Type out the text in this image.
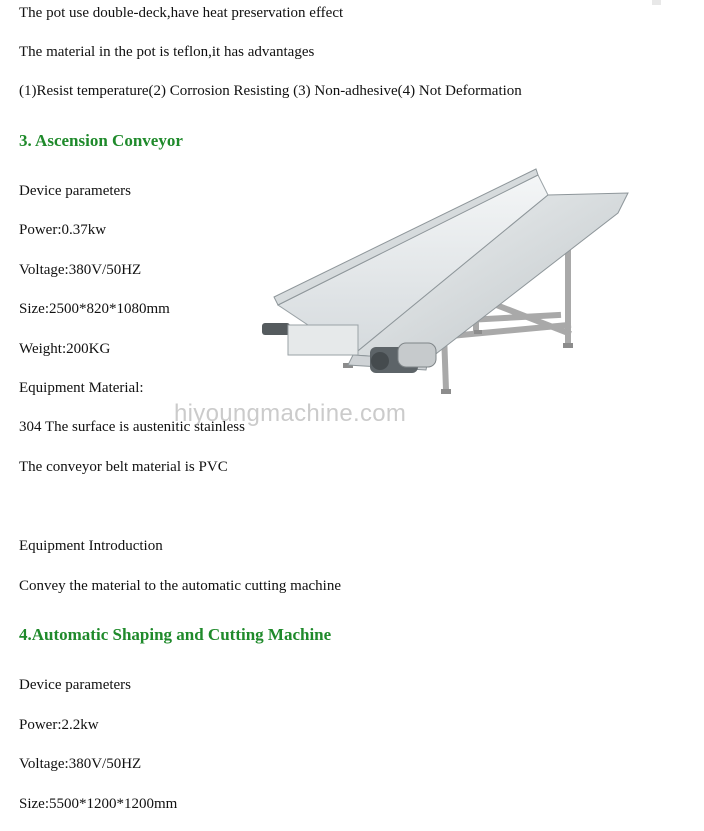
The pot use double-deck,have heat preservation effect
The material in the pot is teflon,it has advantages
(1)Resist temperature(2) Corrosion Resisting (3) Non-adhesive(4) Not Deformation
3. Ascension Conveyor
Device parameters
Power:0.37kw
Voltage:380V/50HZ
Size:2500*820*1080mm
Weight:200KG
Equipment Material:
304 The surface is austenitic stainless
The conveyor belt material is PVC
hiyoungmachine.com
Equipment Introduction
Convey the material to the automatic cutting machine
4.Automatic Shaping and Cutting Machine
Device parameters
Power:2.2kw
Voltage:380V/50HZ
Size:5500*1200*1200mm
